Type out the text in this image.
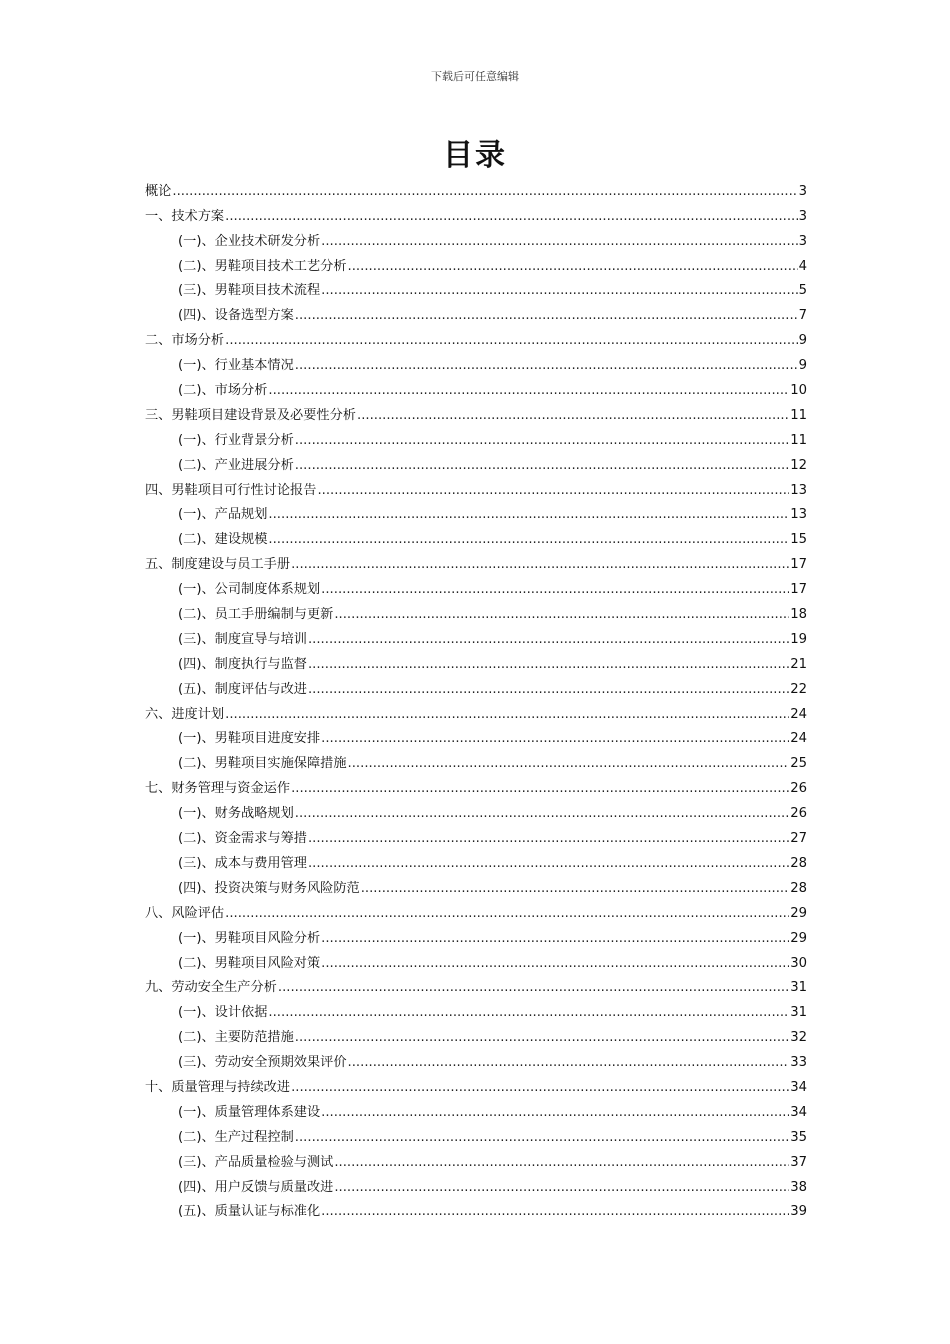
下载后可任意编辑
目录
概论 .....	3
一、技术方案 .....	3
(一)、企业技术研发分析 .....	3
(二)、男鞋项目技术工艺分析 .....	4
(三)、男鞋项目技术流程 .....	5
(四)、设备选型方案 .....	7
二、市场分析 .....	9
(一)、行业基本情况 .....	9
(二)、市场分析 .....	10
三、男鞋项目建设背景及必要性分析 .....	11
(一)、行业背景分析 .....	11
(二)、产业进展分析 .....	12
四、男鞋项目可行性讨论报告 .....	13
(一)、产品规划 .....	13
(二)、建设规模 .....	15
五、制度建设与员工手册 .....	17
(一)、公司制度体系规划 .....	17
(二)、员工手册编制与更新 .....	18
(三)、制度宣导与培训 .....	19
(四)、制度执行与监督 .....	21
(五)、制度评估与改进 .....	22
六、进度计划 .....	24
(一)、男鞋项目进度安排 .....	24
(二)、男鞋项目实施保障措施 .....	25
七、财务管理与资金运作 .....	26
(一)、财务战略规划 .....	26
(二)、资金需求与筹措 .....	27
(三)、成本与费用管理 .....	28
(四)、投资决策与财务风险防范 .....	28
八、风险评估 .....	29
(一)、男鞋项目风险分析 .....	29
(二)、男鞋项目风险对策 .....	30
九、劳动安全生产分析 .....	31
(一)、设计依据 .....	31
(二)、主要防范措施 .....	32
(三)、劳动安全预期效果评价 .....	33
十、质量管理与持续改进 .....	34
(一)、质量管理体系建设 .....	34
(二)、生产过程控制 .....	35
(三)、产品质量检验与测试 .....	37
(四)、用户反馈与质量改进 .....	38
(五)、质量认证与标准化 .....	39
